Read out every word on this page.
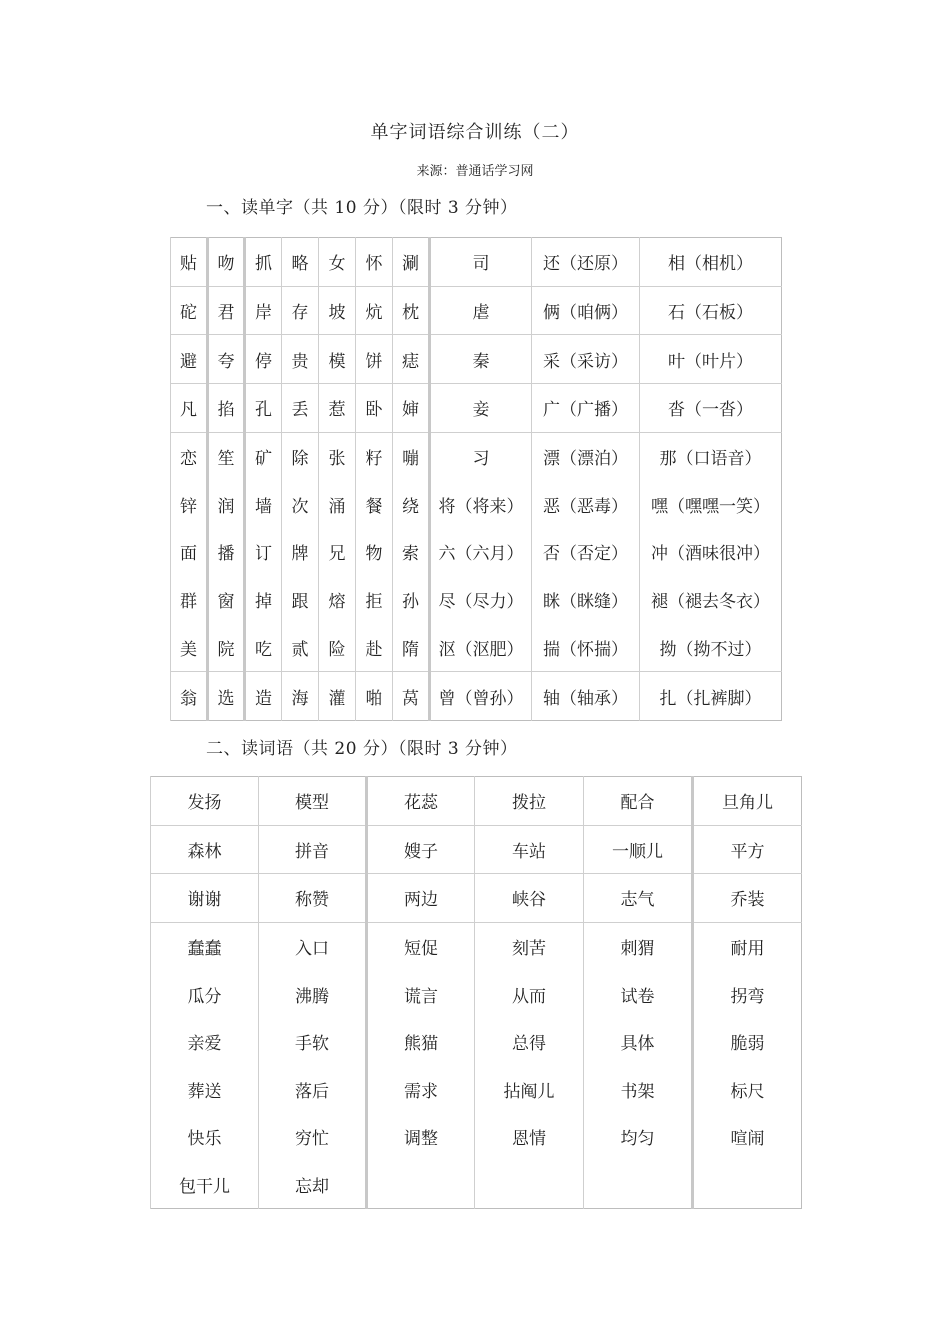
单字词语综合训练（二）
来源：普通话学习网
一、读单字（共 10 分）（限时 3 分钟）
贴	吻	抓	略	女	怀	涮	司	还（还原）	相（相机）
砣	君	岸	存	坡	炕	枕	虐	俩（咱俩）	石（石板）
避	夸	停	贵	模	饼	痣	秦	采（采访）	叶（叶片）
凡	掐	孔	丢	惹	卧	婶	妾	广（广播）	沓（一沓）
恋	笙	矿	除	张	籽	嘣	习	漂（漂泊）	那（口语音）
锌	润	墙	次	涌	餐	绕	将（将来）	恶（恶毒）	嘿（嘿嘿一笑）
面	播	订	牌	兄	物	索	六（六月）	否（否定）	冲（酒味很冲）
群	窗	掉	跟	熔	拒	孙	尽（尽力）	眯（眯缝）	褪（褪去冬衣）
美	院	吃	贰	险	赴	隋	沤（沤肥）	揣（怀揣）	拗（拗不过）
翁	选	造	海	灌	啪	莴	曾（曾孙）	轴（轴承）	扎（扎裤脚）
二、读词语（共 20 分）（限时 3 分钟）
发扬	模型	花蕊	拨拉	配合	旦角儿
森林	拼音	嫂子	车站	一顺儿	平方
谢谢	称赞	两边	峡谷	志气	乔装
蠢蠢	入口	短促	刻苦	刺猬	耐用
瓜分	沸腾	谎言	从而	试卷	拐弯
亲爱	手软	熊猫	总得	具体	脆弱
葬送	落后	需求	拈阄儿	书架	标尺
快乐	穷忙	调整	恩情	均匀	喧闹
包干儿	忘却				
